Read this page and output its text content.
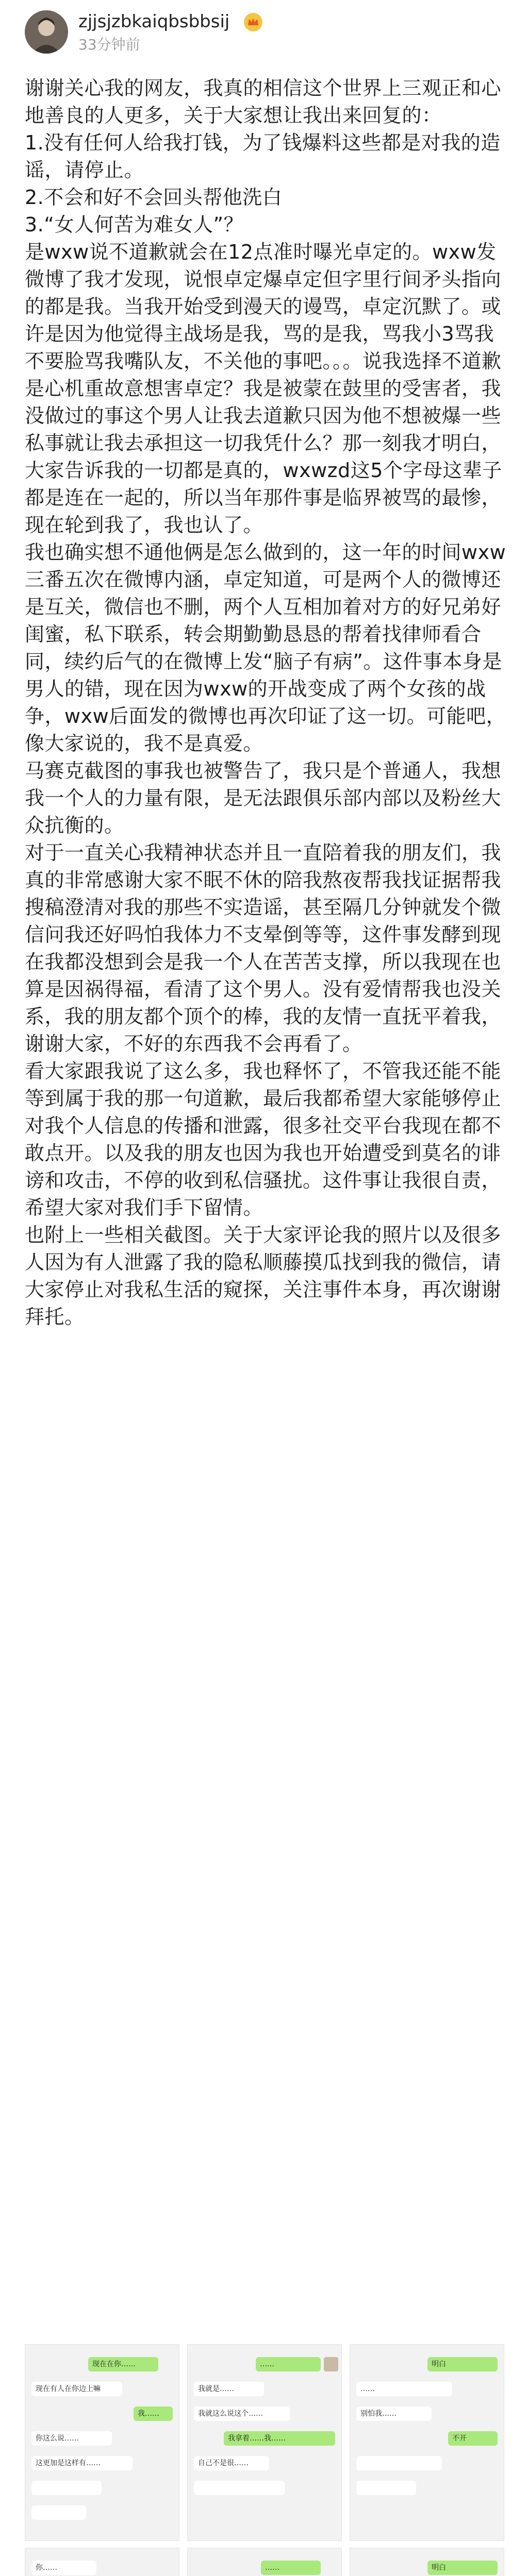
zjjsjzbkaiqbsbbsij
33分钟前

谢谢关心我的网友，我真的相信这个世界上三观正和心地善良的人更多，关于大家想让我出来回复的：

1.没有任何人给我打钱，为了钱爆料这些都是对我的造谣，请停止。

2.不会和好不会回头帮他洗白

3.“女人何苦为难女人”？

是wxw说不道歉就会在12点准时曝光卓定的。wxw发微博了我才发现，说恨卓定爆卓定但字里行间矛头指向的都是我。当我开始受到漫天的谩骂，卓定沉默了。或许是因为他觉得主战场是我，骂的是我，骂我小3骂我不要脸骂我嘴队友，不关他的事吧。。。说我选择不道歉是心机重故意想害卓定？我是被蒙在鼓里的受害者，我没做过的事这个男人让我去道歉只因为他不想被爆一些私事就让我去承担这一切我凭什么？那一刻我才明白，大家告诉我的一切都是真的，wxwzd这5个字母这辈子都是连在一起的，所以当年那件事是临界被骂的最惨，现在轮到我了，我也认了。

我也确实想不通他俩是怎么做到的，这一年的时间wxw三番五次在微博内涵，卓定知道，可是两个人的微博还是互关，微信也不删，两个人互相加着对方的好兄弟好闺蜜，私下联系，转会期勤勤恳恳的帮着找律师看合同，续约后气的在微博上发“脑子有病”。这件事本身是男人的错，现在因为wxw的开战变成了两个女孩的战争，wxw后面发的微博也再次印证了这一切。可能吧，像大家说的，我不是真爱。

马赛克截图的事我也被警告了，我只是个普通人，我想我一个人的力量有限，是无法跟俱乐部内部以及粉丝大众抗衡的。

对于一直关心我精神状态并且一直陪着我的朋友们，我真的非常感谢大家不眠不休的陪我熬夜帮我找证据帮我搜稿澄清对我的那些不实造谣，甚至隔几分钟就发个微信问我还好吗怕我体力不支晕倒等等，这件事发酵到现在我都没想到会是我一个人在苦苦支撑，所以我现在也算是因祸得福，看清了这个男人。没有爱情帮我也没关系，我的朋友都个顶个的棒，我的友情一直抚平着我，谢谢大家，不好的东西我不会再看了。

看大家跟我说了这么多，我也释怀了，不管我还能不能等到属于我的那一句道歉，最后我都希望大家能够停止对我个人信息的传播和泄露，很多社交平台我现在都不敢点开。以及我的朋友也因为我也开始遭受到莫名的诽谤和攻击，不停的收到私信骚扰。这件事让我很自责，希望大家对我们手下留情。

也附上一些相关截图。关于大家评论我的照片以及很多人因为有人泄露了我的隐私顺藤摸瓜找到我的微信，请大家停止对我私生活的窥探，关注事件本身，再次谢谢拜托。

现在在你……
现在有人在你边上嘛
我……
你这么说……
这更加是这样有……
……
我就是……
我就这么说这个……
我拿着……我……
自己不是很……
明白
……
别怕我……
不开
你……	……	明白
